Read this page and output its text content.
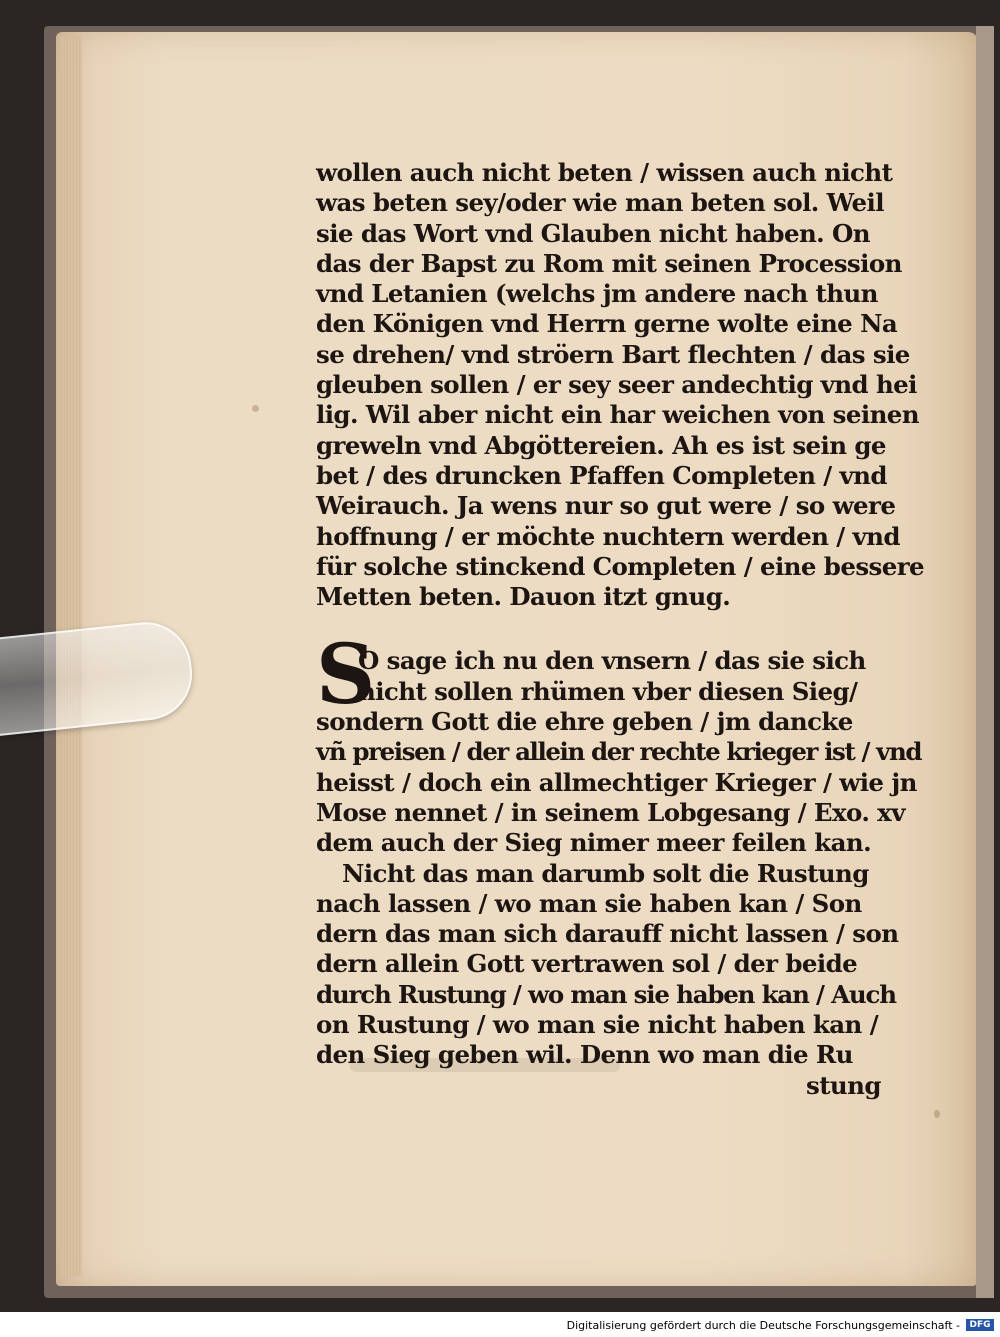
wollen auch nicht beten / wissen auch nicht
was beten sey/oder wie man beten sol. Weil
sie das Wort vnd Glauben nicht haben. On
das der Bapst zu Rom mit seinen Procession
vnd Letanien (welchs jm andere nach thun
den Königen vnd Herrn gerne wolte eine Na
se drehen/ vnd ströern Bart flechten / das sie
gleuben sollen / er sey seer andechtig vnd hei
lig. Wil aber nicht ein har weichen von seinen
greweln vnd Abgöttereien. Ah es ist sein ge
bet / des druncken Pfaffen Completen / vnd
Weirauch. Ja wens nur so gut were / so were
hoffnung / er möchte nuchtern werden / vnd
für solche stinckend Completen / eine bessere
Metten beten. Dauon itzt gnug.
O sage ich nu den vnsern / das sie sich
nicht sollen rhümen vber diesen Sieg/
sondern Gott die ehre geben / jm dancke
vñ preisen / der allein der rechte krieger ist / vnd
heisst / doch ein allmechtiger Krieger / wie jn
Mose nennet / in seinem Lobgesang / Exo. xv
dem auch der Sieg nimer meer feilen kan.
Nicht das man darumb solt die Rustung
nach lassen / wo man sie haben kan / Son
dern das man sich darauff nicht lassen / son
dern allein Gott vertrawen sol / der beide
durch Rustung / wo man sie haben kan / Auch
on Rustung / wo man sie nicht haben kan /
den Sieg geben wil. Denn wo man die Ru
stung
S
Digitalisierung gefördert durch die Deutsche Forschungsgemeinschaft -	DFG
